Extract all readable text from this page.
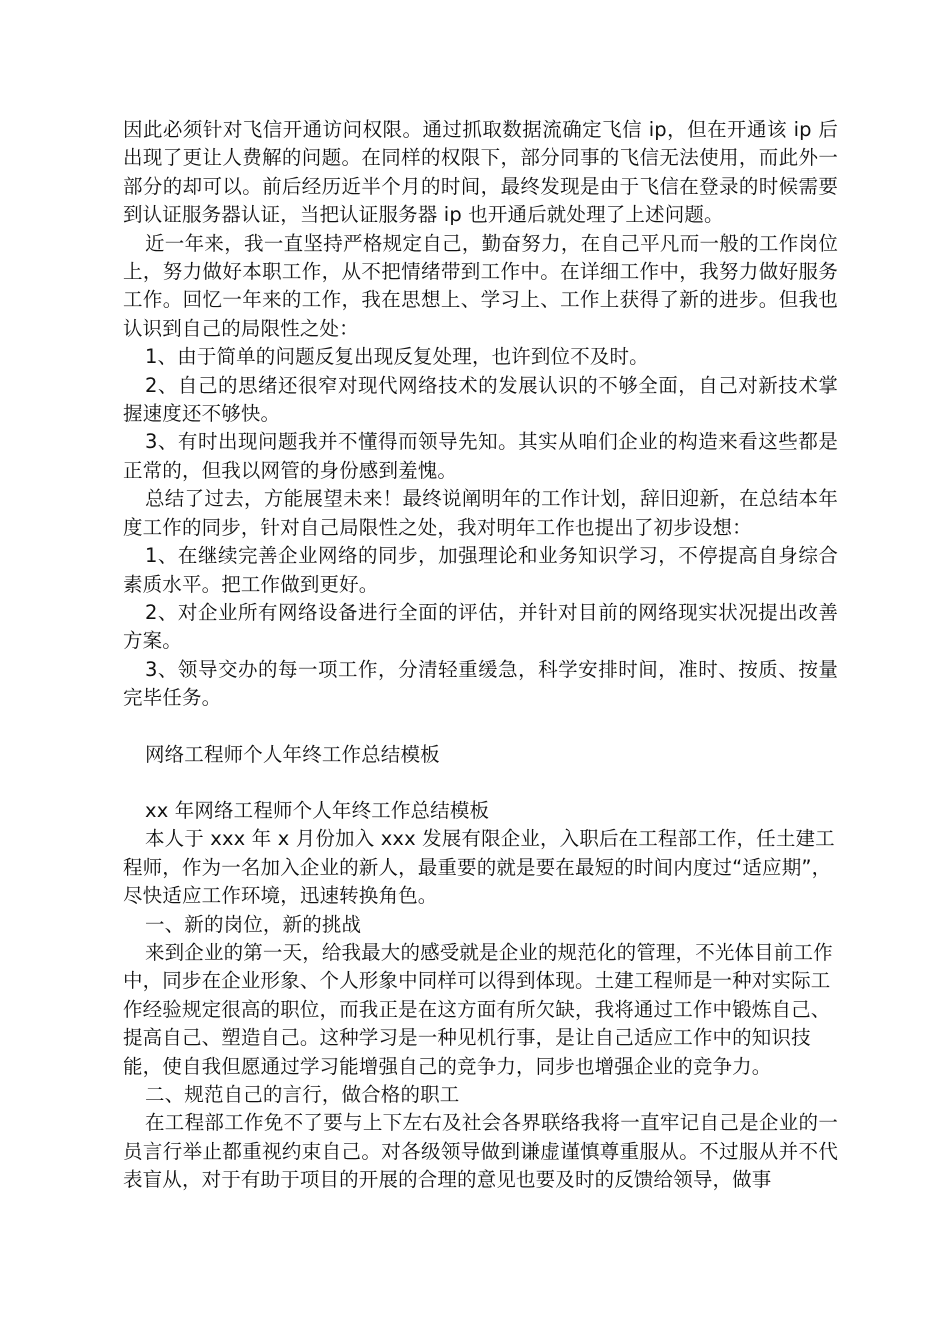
因此必须针对飞信开通访问权限。通过抓取数据流确定飞信 ip，但在开通该 ip 后出现了更让人费解的问题。在同样的权限下，部分同事的飞信无法使用，而此外一部分的却可以。前后经历近半个月的时间，最终发现是由于飞信在登录的时候需要到认证服务器认证，当把认证服务器 ip 也开通后就处理了上述问题。

近一年来，我一直坚持严格规定自己，勤奋努力，在自己平凡而一般的工作岗位上，努力做好本职工作，从不把情绪带到工作中。在详细工作中，我努力做好服务工作。回忆一年来的工作，我在思想上、学习上、工作上获得了新的进步。但我也认识到自己的局限性之处：

1、由于简单的问题反复出现反复处理，也许到位不及时。

2、自己的思绪还很窄对现代网络技术的发展认识的不够全面，自己对新技术掌握速度还不够快。

3、有时出现问题我并不懂得而领导先知。其实从咱们企业的构造来看这些都是正常的，但我以网管的身份感到羞愧。

总结了过去，方能展望未来！最终说阐明年的工作计划，辞旧迎新，在总结本年度工作的同步，针对自己局限性之处，我对明年工作也提出了初步设想：

1、在继续完善企业网络的同步，加强理论和业务知识学习，不停提高自身综合素质水平。把工作做到更好。

2、对企业所有网络设备进行全面的评估，并针对目前的网络现实状况提出改善方案。

3、领导交办的每一项工作，分清轻重缓急，科学安排时间，准时、按质、按量完毕任务。

网络工程师个人年终工作总结模板

xx 年网络工程师个人年终工作总结模板

本人于 xxx 年 x 月份加入 xxx 发展有限企业，入职后在工程部工作，任土建工程师，作为一名加入企业的新人，最重要的就是要在最短的时间内度过“适应期”，尽快适应工作环境，迅速转换角色。

一、新的岗位，新的挑战

来到企业的第一天，给我最大的感受就是企业的规范化的管理，不光体目前工作中，同步在企业形象、个人形象中同样可以得到体现。土建工程师是一种对实际工作经验规定很高的职位，而我正是在这方面有所欠缺，我将通过工作中锻炼自己、提高自己、塑造自己。这种学习是一种见机行事，是让自己适应工作中的知识技能，使自我但愿通过学习能增强自己的竞争力，同步也增强企业的竞争力。

二、规范自己的言行，做合格的职工

在工程部工作免不了要与上下左右及社会各界联络我将一直牢记自己是企业的一员言行举止都重视约束自己。对各级领导做到谦虚谨慎尊重服从。不过服从并不代表盲从，对于有助于项目的开展的合理的意见也要及时的反馈给领导，做事
